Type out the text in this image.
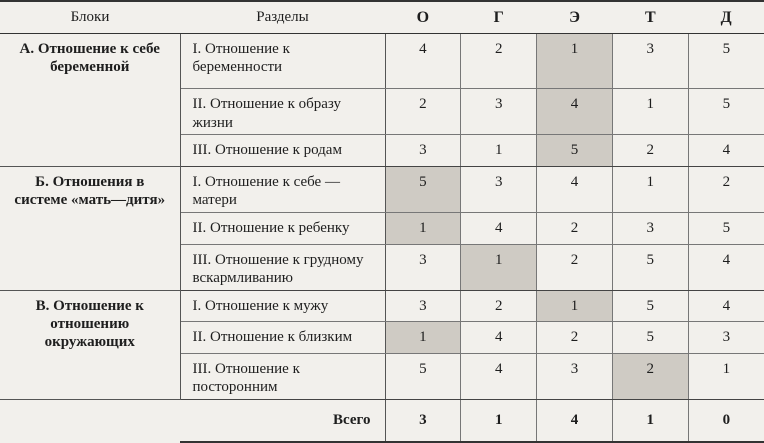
Блоки	Разделы	О	Г	Э	Т	Д
А. Отношение к себе беременной	I. Отношение к беременности	4	2	1	3	5
	II. Отношение к образу жизни	2	3	4	1	5
	III. Отношение к родам	3	1	5	2	4
Б. Отношения в системе «мать—дитя»	I. Отношение к себе — матери	5	3	4	1	2
	II. Отношение к ребенку	1	4	2	3	5
	III. Отношение к грудному вскармливанию	3	1	2	5	4
В. Отношение к отношению окружающих	I. Отношение к мужу	3	2	1	5	4
	II. Отношение к близким	1	4	2	5	3
	III. Отношение к посторонним	5	4	3	2	1
	Всего	3	1	4	1	0
